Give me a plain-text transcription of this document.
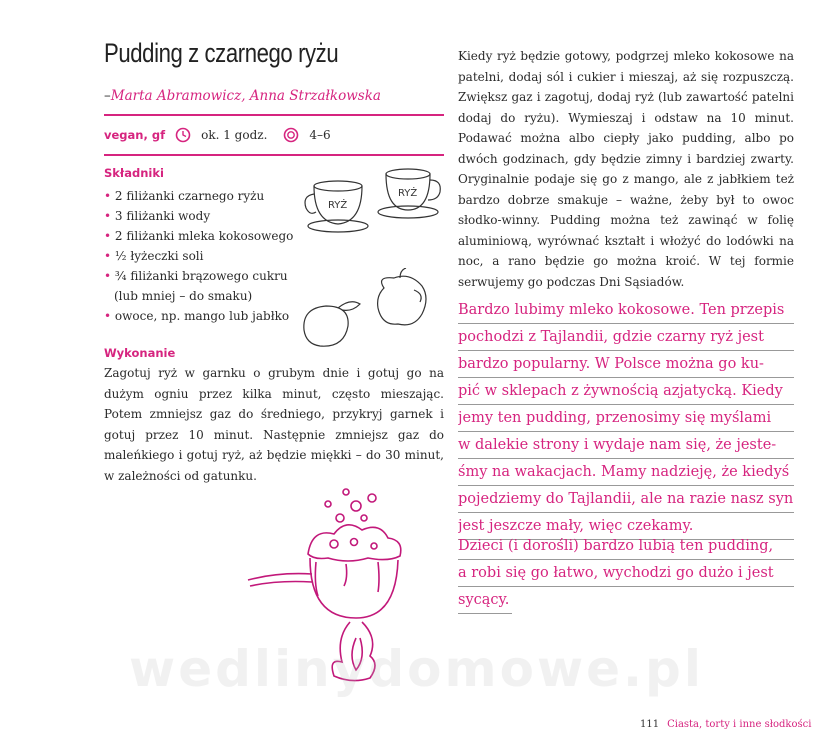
Pudding z czarnego ryżu
–Marta Abramowicz, Anna Strzałkowska
vegan, gf	ok. 1 godz.	4–6
Składniki
• 2 filiżanki czarnego ryżu
• 3 filiżanki wody
• 2 filiżanki mleka kokosowego
• ½ łyżeczki soli
• ¾ filiżanki brązowego cukru
(lub mniej – do smaku)
• owoce, np. mango lub jabłko
RYŻ
RYŻ
Wykonanie
Zagotuj ryż w garnku o grubym dnie i gotuj go na dużym ogniu przez kilka minut, często mieszając. Potem zmniejsz gaz do średniego, przykryj garnek i gotuj przez 10 minut. Następnie zmniejsz gaz do maleńkiego i gotuj ryż, aż będzie miękki – do 30 minut, w zależności od gatunku.
Kiedy ryż będzie gotowy, podgrzej mleko kokosowe na patelni, dodaj sól i cukier i mieszaj, aż się rozpuszczą. Zwiększ gaz i zagotuj, dodaj ryż (lub zawartość patelni dodaj do ryżu). Wymieszaj i odstaw na 10 minut. Podawać można albo ciepły jako pudding, albo po dwóch godzinach, gdy będzie zimny i bardziej zwarty. Oryginalnie podaje się go z mango, ale z jabłkiem też bardzo dobrze smakuje – ważne, żeby był to owoc słodko-winny. Pudding można też zawinąć w folię aluminiową, wyrównać kształt i włożyć do lodówki na noc, a rano będzie go można kroić. W tej formie serwujemy go podczas Dni Sąsiadów.
Bardzo lubimy mleko kokosowe. Ten przepis
pochodzi z Tajlandii, gdzie czarny ryż jest
bardzo popularny. W Polsce można go ku-
pić w sklepach z żywnością azjatycką. Kiedy
jemy ten pudding, przenosimy się myślami
w dalekie strony i wydaje nam się, że jeste-
śmy na wakacjach. Mamy nadzieję, że kiedyś
pojedziemy do Tajlandii, ale na razie nasz syn
jest jeszcze mały, więc czekamy.
Dzieci (i dorośli) bardzo lubią ten pudding,
a robi się go łatwo, wychodzi go dużo i jest
sycący.
wedlinydomowe.pl
111 Ciasta, torty i inne słodkości
